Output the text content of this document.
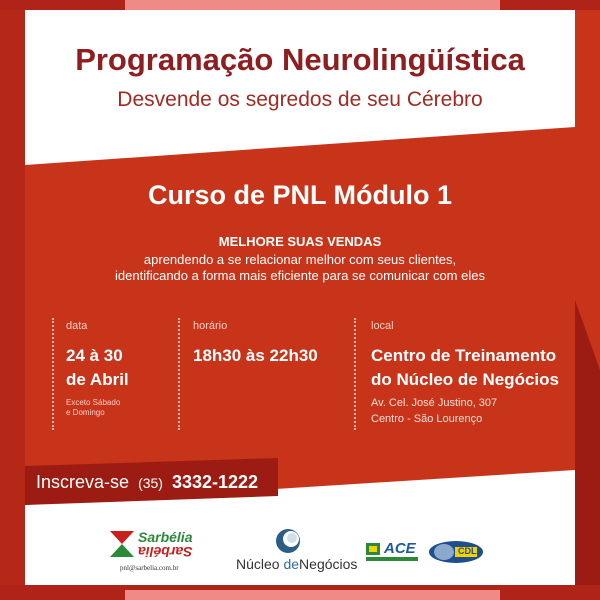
Programação Neurolingüística
Desvende os segredos de seu Cérebro
Curso de PNL Módulo 1
MELHORE SUAS VENDAS
aprendendo a se relacionar melhor com seus clientes,
identificando a forma mais eficiente para se comunicar com eles
data
24 à 30
de Abril
Exceto Sábado
e Domingo
horário
18h30 às 22h30
local
Centro de Treinamento
do Núcleo de Negócios
Av. Cel. José Justino, 307
Centro - São Lourenço
Inscreva-se (35) 3332-1222
Sarbélia
Sarbélia
pnl@sarbelia.com.br	Núcleo deNegócios
ACE	CDL
